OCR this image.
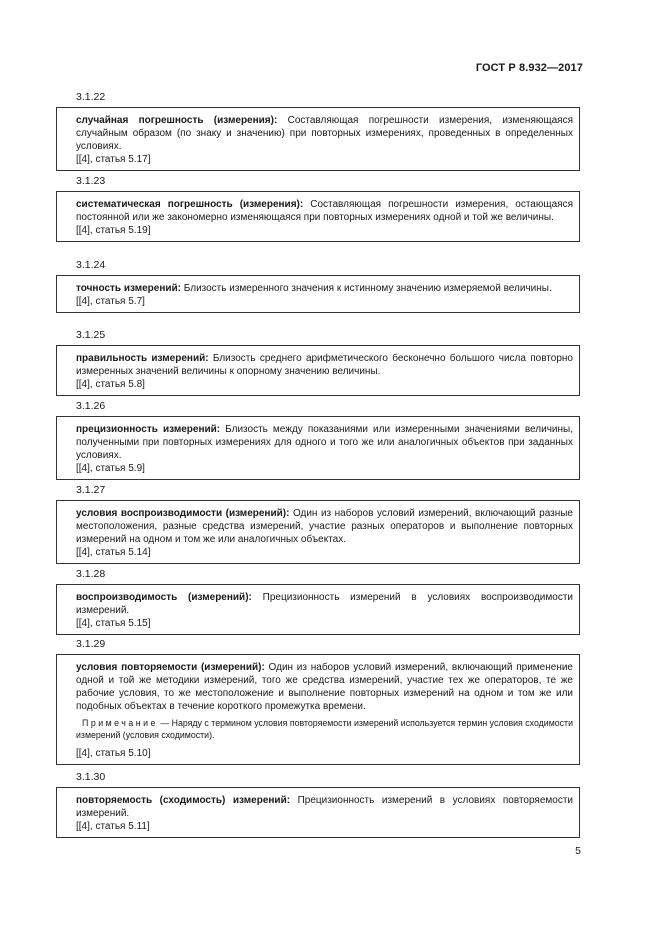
ГОСТ Р 8.932—2017
3.1.22
случайная погрешность (измерения): Составляющая погрешности измерения, изменяющаяся случайным образом (по знаку и значению) при повторных измерениях, проведенных в определенных условиях.
[[4], статья 5.17]
3.1.23
систематическая погрешность (измерения): Составляющая погрешности измерения, остающаяся постоянной или же закономерно изменяющаяся при повторных измерениях одной и той же величины.
[[4], статья 5.19]
3.1.24
точность измерений: Близость измеренного значения к истинному значению измеряемой величины.
[[4], статья 5.7]
3.1.25
правильность измерений: Близость среднего арифметического бесконечно большого числа повторно измеренных значений величины к опорному значению величины.
[[4], статья 5.8]
3.1.26
прецизионность измерений: Близость между показаниями или измеренными значениями величины, полученными при повторных измерениях для одного и того же или аналогичных объектов при заданных условиях.
[[4], статья 5.9]
3.1.27
условия воспроизводимости (измерений): Один из наборов условий измерений, включающий разные местоположения, разные средства измерений, участие разных операторов и выполнение повторных измерений на одном и том же или аналогичных объектах.
[[4], статья 5.14]
3.1.28
воспроизводимость (измерений): Прецизионность измерений в условиях воспроизводимости измерений.
[[4], статья 5.15]
3.1.29
условия повторяемости (измерений): Один из наборов условий измерений, включающий применение одной и той же методики измерений, того же средства измерений, участие тех же операторов, те же рабочие условия, то же местоположение и выполнение повторных измерений на одном и том же или подобных объектах в течение короткого промежутка времени.
Примечание — Наряду с термином условия повторяемости измерений используется термин условия сходимости измерений (условия сходимости).
[[4], статья 5.10]
3.1.30
повторяемость (сходимость) измерений: Прецизионность измерений в условиях повторяемости измерений.
[[4], статья 5.11]
5
